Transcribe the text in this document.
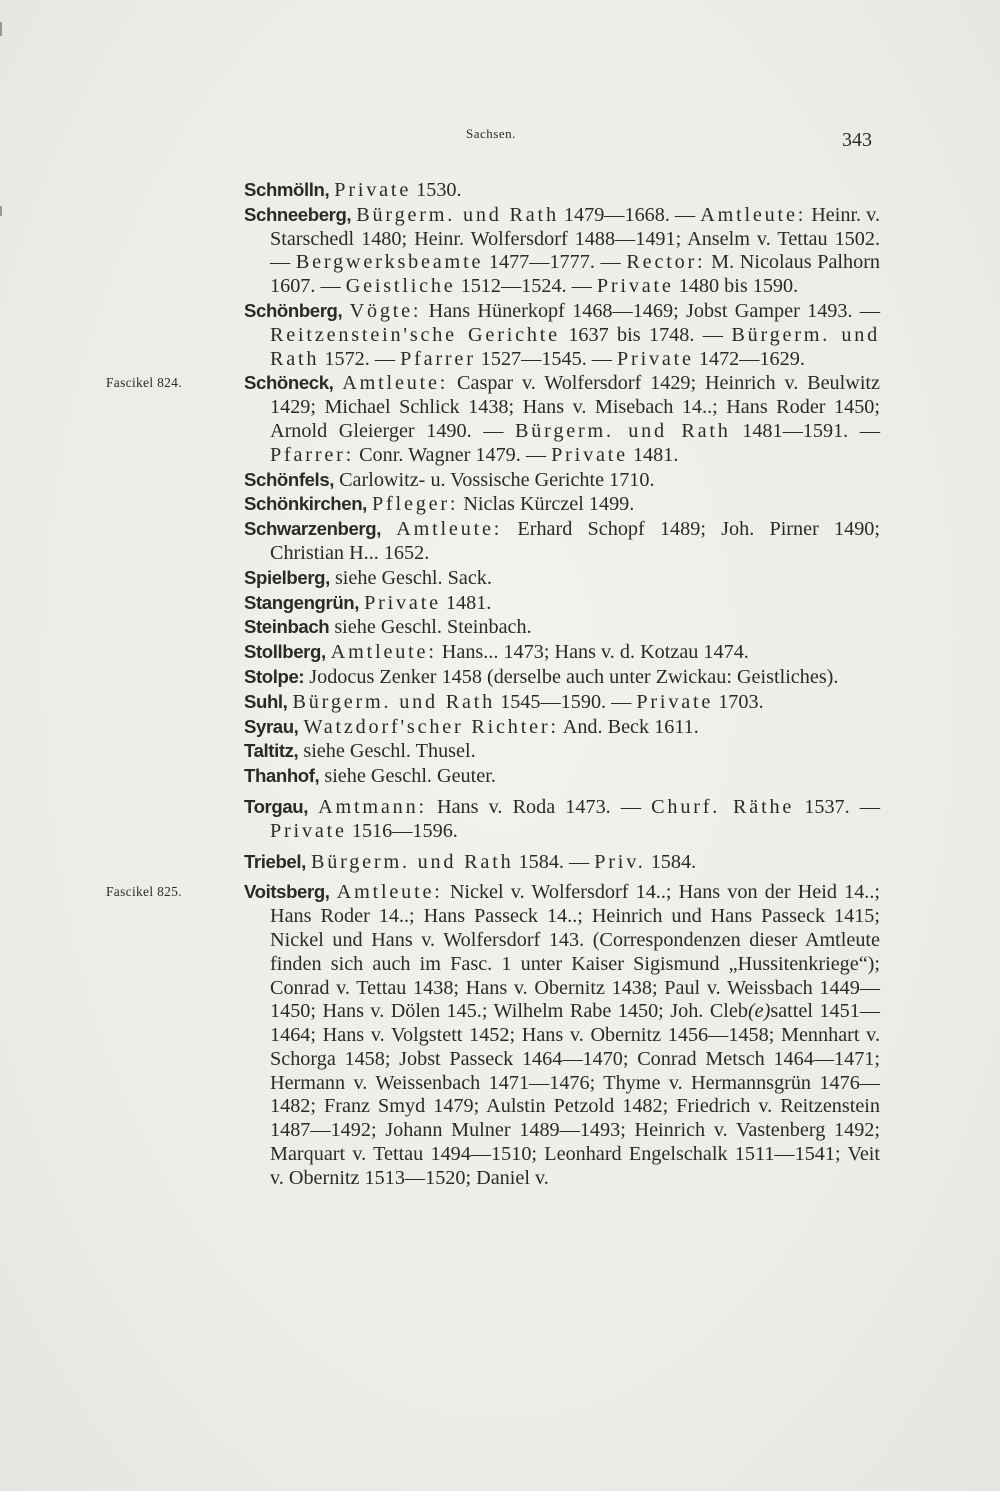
Sachsen.	343
Schmölln, Private 1530.
Schneeberg, Bürgerm. und Rath 1479—1668. — Amtleute: Heinr. v. Starschedl 1480; Heinr. Wolfersdorf 1488—1491; Anselm v. Tettau 1502. — Bergwerksbeamte 1477—1777. — Rector: M. Nicolaus Palhorn 1607. — Geistliche 1512—1524. — Private 1480 bis 1590.
Schönberg, Vögte: Hans Hünerkopf 1468—1469; Jobst Gamper 1493. — Reitzenstein'sche Gerichte 1637 bis 1748. — Bürgerm. und Rath 1572. — Pfarrer 1527—1545. — Private 1472—1629.
Fascikel 824.	Schöneck, Amtleute: Caspar v. Wolfersdorf 1429; Heinrich v. Beulwitz 1429; Michael Schlick 1438; Hans v. Misebach 14..; Hans Roder 1450; Arnold Gleierger 1490. — Bürgerm. und Rath 1481—1591. — Pfarrer: Conr. Wagner 1479. — Private 1481.
Schönfels, Carlowitz- u. Vossische Gerichte 1710.
Schönkirchen, Pfleger: Niclas Kürczel 1499.
Schwarzenberg, Amtleute: Erhard Schopf 1489; Joh. Pirner 1490; Christian H... 1652.
Spielberg, siehe Geschl. Sack.
Stangengrün, Private 1481.
Steinbach siehe Geschl. Steinbach.
Stollberg, Amtleute: Hans... 1473; Hans v. d. Kotzau 1474.
Stolpe: Jodocus Zenker 1458 (derselbe auch unter Zwickau: Geistliches).
Suhl, Bürgerm. und Rath 1545—1590. — Private 1703.
Syrau, Watzdorf'scher Richter: And. Beck 1611.
Taltitz, siehe Geschl. Thusel.
Thanhof, siehe Geschl. Geuter.
Torgau, Amtmann: Hans v. Roda 1473. — Churf. Räthe 1537. — Private 1516—1596.
Triebel, Bürgerm. und Rath 1584. — Priv. 1584.
Fascikel 825.	Voitsberg, Amtleute: Nickel v. Wolfersdorf 14..; Hans von der Heid 14..; Hans Roder 14..; Hans Passeck 14..; Heinrich und Hans Passeck 1415; Nickel und Hans v. Wolfersdorf 143. (Correspondenzen dieser Amtleute finden sich auch im Fasc. 1 unter Kaiser Sigismund „Hussitenkriege“); Conrad v. Tettau 1438; Hans v. Obernitz 1438; Paul v. Weissbach 1449—1450; Hans v. Dölen 145.; Wilhelm Rabe 1450; Joh. Cleb(e)sattel 1451—1464; Hans v. Volgstett 1452; Hans v. Obernitz 1456—1458; Mennhart v. Schorga 1458; Jobst Passeck 1464—1470; Conrad Metsch 1464—1471; Hermann v. Weissenbach 1471—1476; Thyme v. Hermannsgrün 1476—1482; Franz Smyd 1479; Aulstin Petzold 1482; Friedrich v. Reitzenstein 1487—1492; Johann Mulner 1489—1493; Heinrich v. Vastenberg 1492; Marquart v. Tettau 1494—1510; Leonhard Engelschalk 1511—1541; Veit v. Obernitz 1513—1520; Daniel v.
